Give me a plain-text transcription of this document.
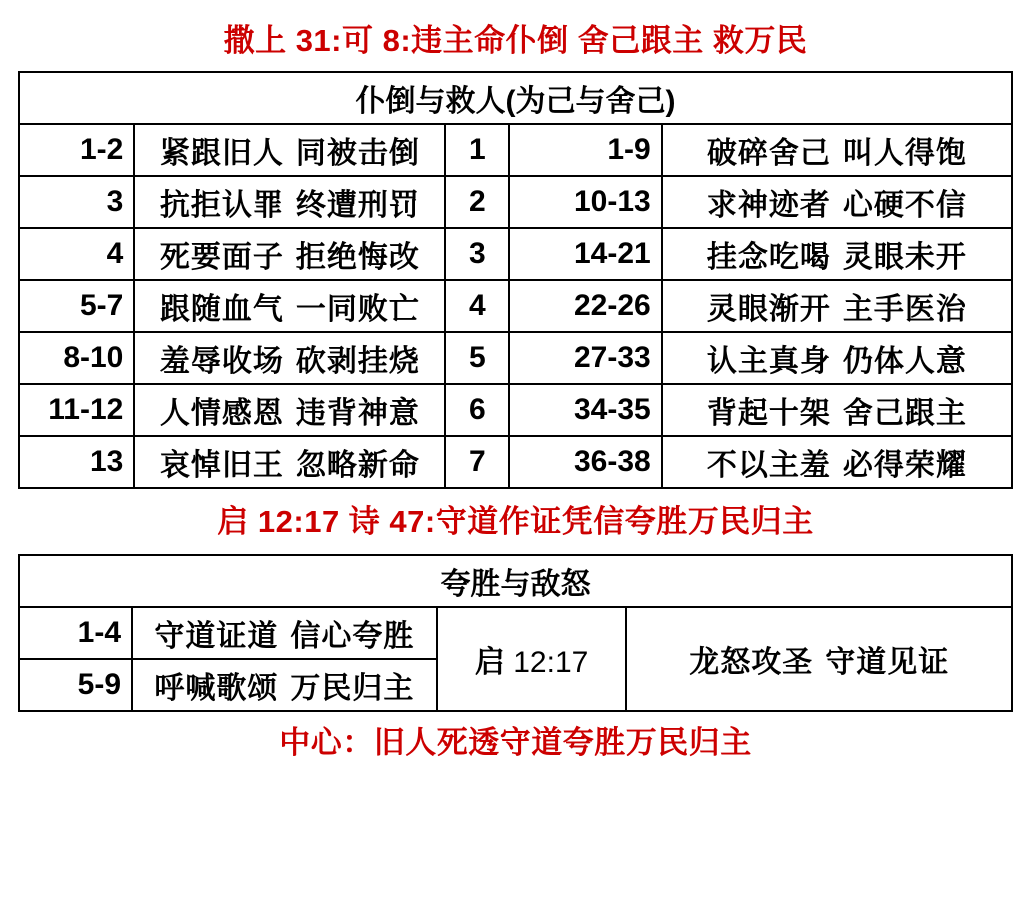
撒上 31:可 8:违主命仆倒 舍己跟主 救万民
仆倒与救人(为己与舍己)				
1-2	紧跟旧人 同被击倒	1	1-9	破碎舍己 叫人得饱
3	抗拒认罪 终遭刑罚	2	10-13	求神迹者 心硬不信
4	死要面子 拒绝悔改	3	14-21	挂念吃喝 灵眼未开
5-7	跟随血气 一同败亡	4	22-26	灵眼渐开 主手医治
8-10	羞辱收场 砍剥挂烧	5	27-33	认主真身 仍体人意
11-12	人情感恩 违背神意	6	34-35	背起十架 舍己跟主
13	哀悼旧王 忽略新命	7	36-38	不以主羞 必得荣耀
启 12:17 诗 47:守道作证凭信夸胜万民归主
夸胜与敌怒			
1-4	守道证道 信心夸胜	启 12:17	龙怒攻圣 守道见证
5-9	呼喊歌颂 万民归主		
中心：旧人死透守道夸胜万民归主
